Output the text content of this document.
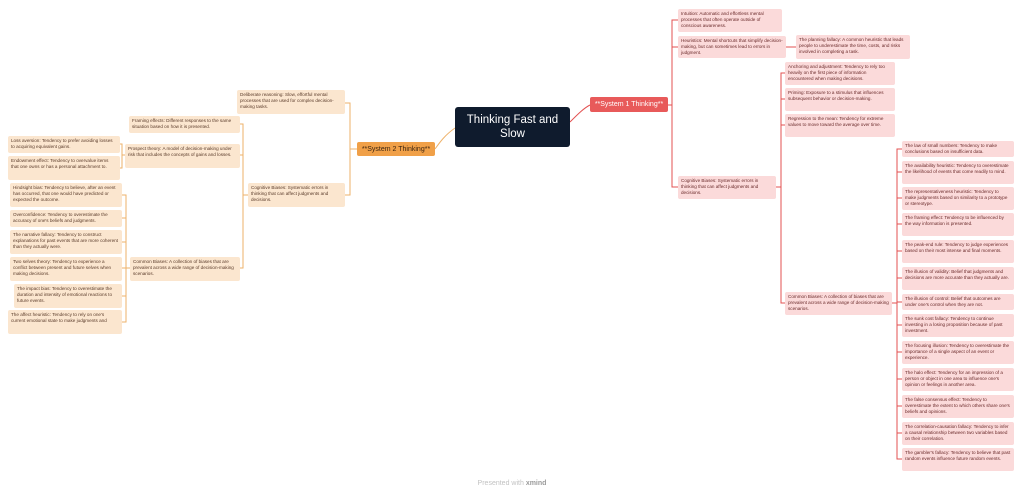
Thinking Fast and Slow
**System 2 Thinking**
Deliberate reasoning: Slow, effortful mental processes that are used for complex decision-making tasks.
Cognitive Biases: Systematic errors in thinking that can affect judgments and decisions.
Framing effects: Different responses to the same situation based on how it is presented.
Prospect theory: A model of decision-making under risk that includes the concepts of gains and losses.
Loss aversion: Tendency to prefer avoiding losses to acquiring equivalent gains.
Endowment effect: Tendency to overvalue items that one owns or has a personal attachment to.
Common Biases: A collection of biases that are prevalent across a wide range of decision-making scenarios.
Hindsight bias: Tendency to believe, after an event has occurred, that one would have predicted or expected the outcome.
Overconfidence: Tendency to overestimate the accuracy of one's beliefs and judgments.
The narrative fallacy: Tendency to construct explanations for past events that are more coherent than they actually were.
Two selves theory: Tendency to experience a conflict between present and future selves when making decisions.
The impact bias: Tendency to overestimate the duration and intensity of emotional reactions to future events.
The affect heuristic: Tendency to rely on one's current emotional state to make judgments and
**System 1 Thinking**
Intuition: Automatic and effortless mental processes that often operate outside of conscious awareness.
Heuristics: Mental shortcuts that simplify decision-making, but can sometimes lead to errors in judgment.
The planning fallacy: A common heuristic that leads people to underestimate the time, costs, and risks involved in completing a task.
Cognitive Biases: Systematic errors in thinking that can affect judgments and decisions.
Anchoring and adjustment: Tendency to rely too heavily on the first piece of information encountered when making decisions.
Priming: Exposure to a stimulus that influences subsequent behavior or decision-making.
Regression to the mean: Tendency for extreme values to move toward the average over time.
Common Biases: A collection of biases that are prevalent across a wide range of decision-making scenarios.
The law of small numbers: Tendency to make conclusions based on insufficient data.
The availability heuristic: Tendency to overestimate the likelihood of events that come readily to mind.
The representativeness heuristic: Tendency to make judgments based on similarity to a prototype or stereotype.
The framing effect: Tendency to be influenced by the way information is presented.
The peak-end rule: Tendency to judge experiences based on their most intense and final moments.
The illusion of validity: Belief that judgments and decisions are more accurate than they actually are.
The illusion of control: Belief that outcomes are under one's control when they are not.
The sunk cost fallacy: Tendency to continue investing in a losing proposition because of past investment.
The focusing illusion: Tendency to overestimate the importance of a single aspect of an event or experience.
The halo effect: Tendency for an impression of a person or object in one area to influence one's opinion or feelings in another area.
The false consensus effect: Tendency to overestimate the extent to which others share one's beliefs and opinions.
The correlation-causation fallacy: Tendency to infer a causal relationship between two variables based on their correlation.
The gambler's fallacy: Tendency to believe that past random events influence future random events.
Presented with xmind
